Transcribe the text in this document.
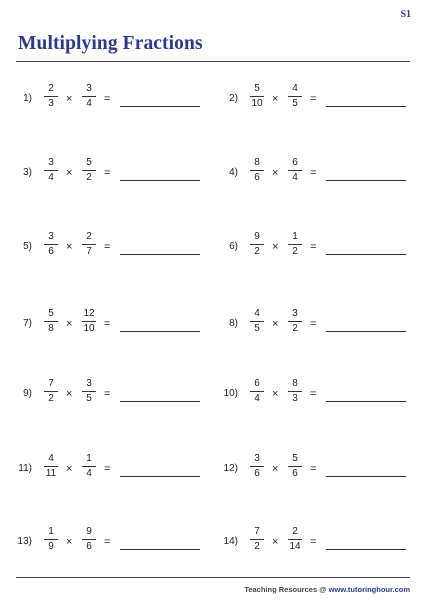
S1
Multiplying Fractions
1)
2
3	×
3
4	=	2)
5
10 ×
4
5	=
3)
3
4	×
5
2	=	4)
8
6	×
6
4	=
5)
3
6	×
2
7	=	6)
9
2	×
1
2	=
7)
5
8	×
12
10 =	8)
4
5	×
3
2	=
9)
7
2	×
3
5	=	10)
6
4	×
8
3	=
11)
4
11 ×
1
4	=	12)
3
6	×
5
6	=
13)
1
9	×
9
6	=	14)
7
2	×
2
14 =
Teaching Resources @ www.tutoringhour.com
